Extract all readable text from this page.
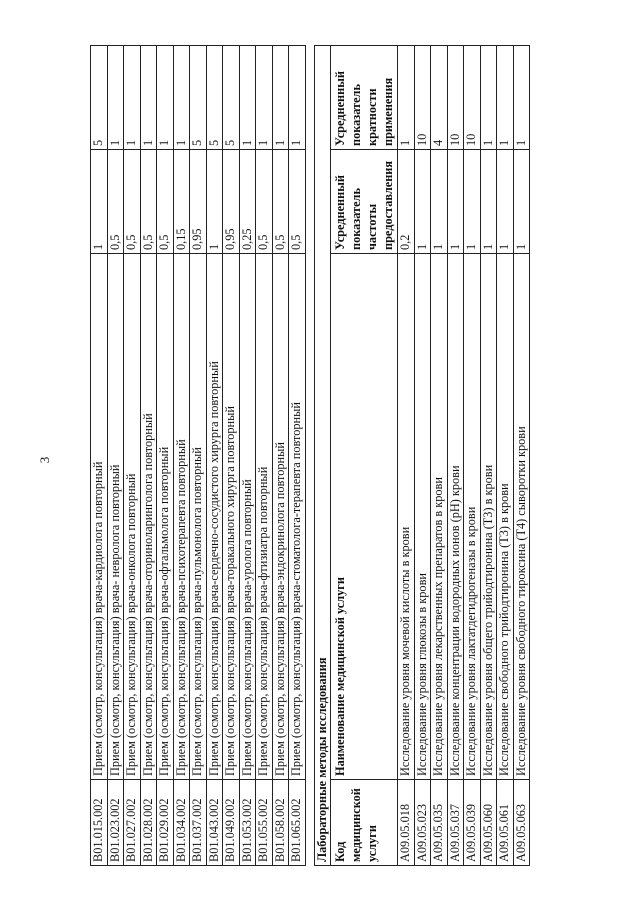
3
B01.015.002	Прием (осмотр, консультация) врача-кардиолога повторный	1	5
B01.023.002	Прием (осмотр, консультация) врача- невролога повторный	0,5	1
B01.027.002	Прием (осмотр, консультация) врача-онколога повторный	0,5	1
B01.028.002	Прием (осмотр, консультация) врача-оториноларинголога повторный	0,5	1
B01.029.002	Прием (осмотр, консультация) врача-офтальмолога повторный	0,5	1
B01.034.002	Прием (осмотр, консультация) врача-психотерапевта повторный	0,15	1
B01.037.002	Прием (осмотр, консультация) врача-пульмонолога повторный	0,95	5
B01.043.002	Прием (осмотр, консультация) врача-сердечно-сосудистого хирурга повторный	1	5
B01.049.002	Прием (осмотр, консультация) врача-торакального хирурга повторный	0,95	5
B01.053.002	Прием (осмотр, консультация) врача-уролога повторный	0,25	1
B01.055.002	Прием (осмотр, консультация) врача-фтизиатра повторный	0,5	1
B01.058.002	Прием (осмотр, консультация) врача-эндокринолога повторный	0,5	1
B01.065.002	Прием (осмотр, консультация) врача-стоматолога-терапевта повторный	0,5	1

Лабораторные методы исследования			
Код медицинской услуги	Наименование медицинской услуги	Усредненный показатель частоты предоставления	Усредненный показатель кратности применения
A09.05.018	Исследование уровня мочевой кислоты в крови	0,2	1
A09.05.023	Исследование уровня глюкозы в крови	1	10
A09.05.035	Исследование уровня лекарственных препаратов в крови	1	4
A09.05.037	Исследование концентрации водородных ионов (pH) крови	1	10
A09.05.039	Исследование уровня лактатдегидрогеназы в крови	1	10
A09.05.060	Исследование уровня общего трийодтиронина (T3) в крови	1	1
A09.05.061	Исследование свободного трийодтиронина (T3) в крови	1	1
A09.05.063	Исследование уровня свободного тироксина (T4) сыворотки крови	1	1
